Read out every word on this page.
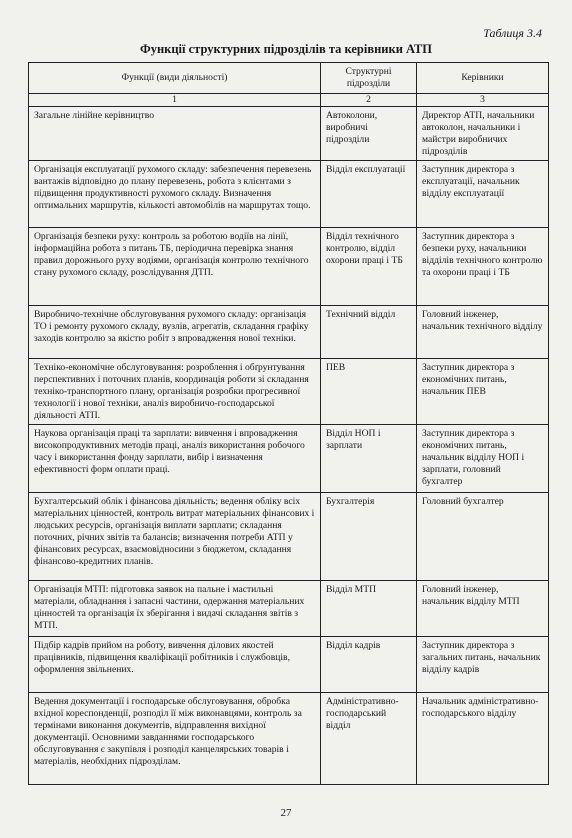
Таблиця 3.4
Функції структурних підрозділів та керівники АТП
Функції (види діяльності)	Структурні підрозділи	Керівники
1	2	3
Загальне лінійне керівництво	Автоколони, виробничі підрозділи	Директор АТП, начальники автоколон, начальники і майстри виробничих підрозділів
Організація експлуатації рухомого складу: забезпечення перевезень вантажів відповідно до плану перевезень, робота з клієнтами з підвищення продуктивності рухомого складу. Визначення оптимальних маршрутів, кількості автомобілів на маршрутах тощо.	Відділ експлуатації	Заступник директора з експлуатації, начальник відділу експлуатації
Організація безпеки руху: контроль за роботою водіїв на лінії, інформаційна робота з питань ТБ, періодична перевірка знання правил дорожнього руху водіями, організація контролю технічного стану рухомого складу, розслідування ДТП.	Відділ технічного контролю, відділ охорони праці і ТБ	Заступник директора з безпеки руху, начальники відділів технічного контролю та охорони праці і ТБ
Виробничо-технічне обслуговування рухомого складу: організація ТО і ремонту рухомого складу, вузлів, агрегатів, складання графіку заходів контролю за якістю робіт з впровадження нової техніки.	Технічний відділ	Головний інженер, начальник технічного відділу
Техніко-економічне обслуговування: розроблення і обґрунтування перспективних і поточних планів, координація роботи зі складання техніко-транспортного плану, організація розробки прогресивної технології і нової техніки, аналіз виробничо-господарської діяльності АТП.	ПЕВ	Заступник директора з економічних питань, начальник ПЕВ
Наукова організація праці та зарплати: вивчення і впровадження високопродуктивних методів праці, аналіз використання робочого часу і використання фонду зарплати, вибір і визначення ефективності форм оплати праці.	Відділ НОП і зарплати	Заступник директора з економічних питань, начальник відділу НОП і зарплати, головний бухгалтер
Бухгалтерський облік і фінансова діяльність; ведення обліку всіх матеріальних цінностей, контроль витрат матеріальних фінансових і людських ресурсів, організація виплати зарплати; складання поточних, річних звітів та балансів; визначення потреби АТП у фінансових ресурсах, взаємовідносини з бюджетом, складання фінансово-кредитних планів.	Бухгалтерія	Головний бухгалтер
Організація МТП: підготовка заявок на пальне і мастильні матеріали, обладнання і запасні частини, одержання матеріальних цінностей та організація їх зберігання і видачі складання звітів з МТП.	Відділ МТП	Головний інженер, начальник відділу МТП
Підбір кадрів прийом на роботу, вивчення ділових якостей працівників, підвищення кваліфікації робітників і службовців, оформлення звільнених.	Відділ кадрів	Заступник директора з загальних питань, начальник відділу кадрів
Ведення документації і господарське обслуговування, обробка вхідної кореспонденції, розподіл її між виконавцями, контроль за термінами виконання документів, відправлення вихідної документації. Основними завданнями господарського обслуговування є закупівля і розподіл канцелярських товарів і матеріалів, необхідних підрозділам.	Адміністративно-господарський відділ	Начальник адміністративно-господарського відділу
27
